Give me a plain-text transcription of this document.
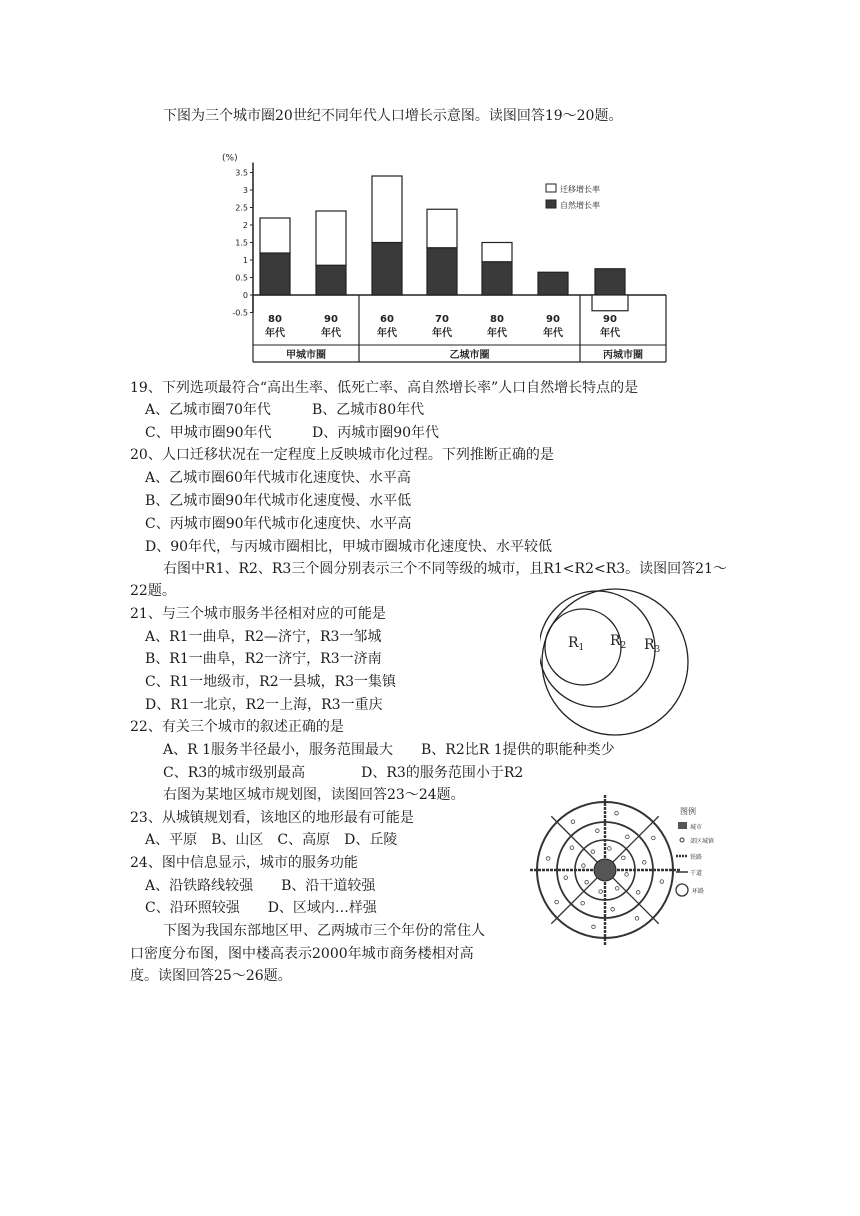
下图为三个城市圈20世纪不同年代人口增长示意图。读图回答19～20题。
(%)
3.5
3
2.5
2
1.5
1
0.5
0
-0.5
80
年代
90
年代
60
年代
70
年代
80
年代
90
年代
90
年代
甲城市圈	乙城市圈	丙城市圈
迁移增长率
自然增长率
19、下列选项最符合“高出生率、低死亡率、高自然增长率”人口自然增长特点的是
A、乙城市圈70年代	B、乙城市80年代
C、甲城市圈90年代	D、丙城市圈90年代
20、人口迁移状况在一定程度上反映城市化过程。下列推断正确的是
A、乙城市圈60年代城市化速度快、水平高
B、乙城市圈90年代城市化速度慢、水平低
C、丙城市圈90年代城市化速度快、水平高
D、90年代，与丙城市圈相比，甲城市圈城市化速度快、水平较低
右图中R1、R2、R3三个圆分别表示三个不同等级的城市，且R1<R2<R3。读图回答21～
22题。
$R_1$ $R_2$ $R_3$
21、与三个城市服务半径相对应的可能是
A、R1一曲阜，R2—济宁，R3一邹城
B、R1一曲阜，R2一济宁，R3一济南
C、R1一地级市，R2一县城，R3一集镇
D、R1一北京，R2一上海，R3一重庆
22、有关三个城市的叙述正确的是
A、R 1服务半径最小，服务范围最大　　B、R2比R 1提供的职能种类少
C、R3的城市级别最高　　　　D、R3的服务范围小于R2
右图为某地区城市规划图，读图回答23～24题。
图例
城市
郊区城镇
铁路
干道
环路
23、从城镇规划看，该地区的地形最有可能是
A、平原　B、山区　C、高原　D、丘陵
24、图中信息显示，城市的服务功能
A、沿铁路线较强　　B、沿干道较强
C、沿环照较强　　D、区域内…样强
下图为我国东部地区甲、乙两城市三个年份的常住人
口密度分布图，图中楼高表示2000年城市商务楼相对高
度。读图回答25～26题。
